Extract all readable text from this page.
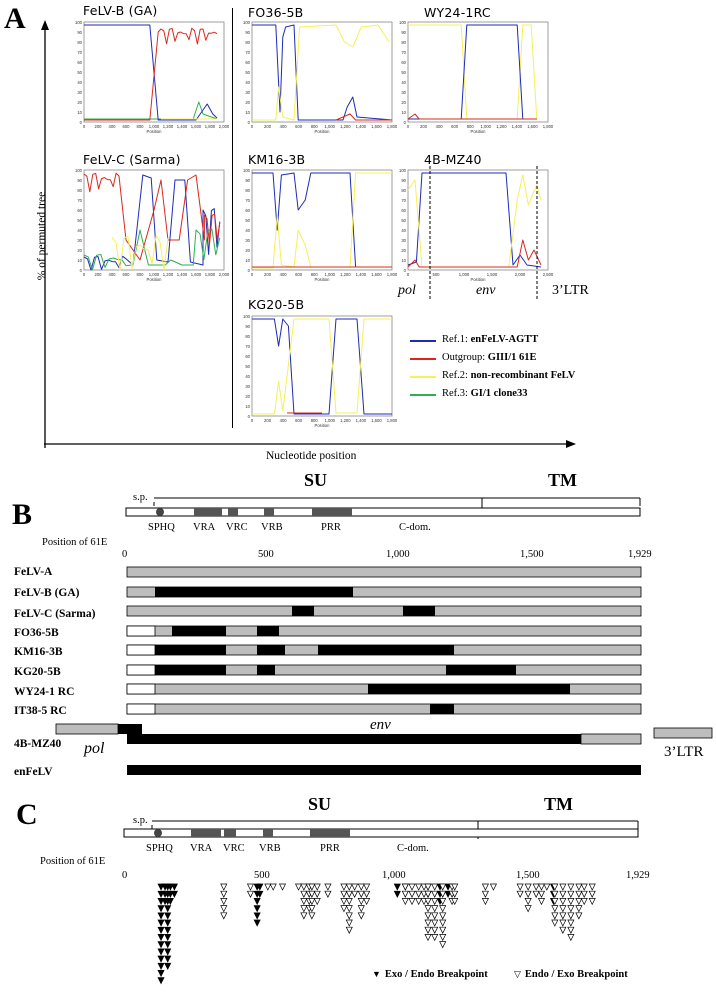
A
% of permuted tree
Nucleotide position
FeLV-B (GA)
FeLV-C (Sarma)
FO36-5B
KM16-3B
KG20-5B
WY24-1RC
4B-MZ40
0
10
20
30
40
50
60
70
80
90
100
0 200 400 600 800 1,000 1,200 1,400 1,600 1,800 2,000
Position
0
10
20
30
40
50
60
70
80
90
100
0 200 400 600 800 1,000 1,200 1,400 1,600 1,800 2,000
Position
0
10
20
30
40
50
60
70
80
90
100
0	200 400 600 800 1,000 1,200 1,400 1,600 1,800
Position
0
10
20
30
40
50
60
70
80
90
100
0	200 400 600 800 1,000 1,200 1,400 1,600 1,800
Position
0
10
20
30
40
50
60
70
80
90
100
0	200 400 600 800 1,000 1,200 1,400 1,600 1,800
Position
0
10
20
30
40
50
60
70
80
90
100
0	200 400 600 800 1,000 1,200 1,400 1,600 1,800
Position
0
10
20
30
40
50
60
70
80
90
100
0	500	1,000	1,500	2,000	2,500
Position
pol	env	3’LTR
Ref.1: enFeLV-AGTT
Outgroup: GIII/1 61E
Ref.2: non-recombinant FeLV
Ref.3: GI/1 clone33
B
SU	TM
s.p.
SPHQ VRA VRC VRB	PRR	C-dom.
Position of 61E
0	500	1,000	1,500	1,929
FeLV-A
FeLV-B (GA)
FeLV-C (Sarma)
FO36-5B
KM16-3B
KG20-5B
WY24-1 RC
IT38-5 RC
4B-MZ40
enFeLV
pol
env
3’LTR
C	SU	TM
s.p.
SPHQ VRA VRC VRB	PRR	C-dom.
Position of 61E
0	500	1,000	1,500	1,929
▼ Exo / Endo Breakpoint	▽ Endo / Exo Breakpoint
